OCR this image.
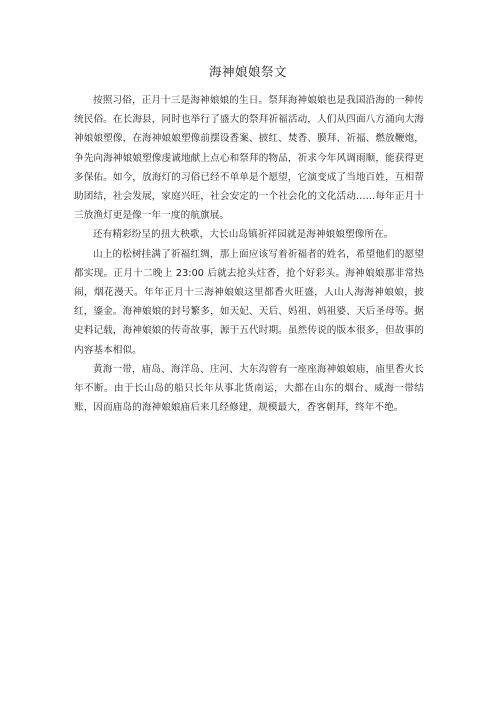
海神娘娘祭文

按照习俗，正月十三是海神娘娘的生日。祭拜海神娘娘也是我国沿海的一种传统民俗。在长海县，同时也举行了盛大的祭拜祈福活动，人们从四面八方涌向大海神娘娘塑像，在海神娘娘塑像前摆设香案、披红、焚香、膜拜、祈福、燃放鞭炮，争先向海神娘娘塑像虔诚地献上点心和祭拜的物品，祈求今年风调雨顺，能获得更多保佑。如今，放海灯的习俗已经不单单是个愿望，它演变成了当地百姓，互相帮助团结，社会发展，家庭兴旺，社会安定的一个社会化的文化活动……每年正月十三放渔灯更是像一年一度的航旗展。

还有精彩纷呈的扭大秧歌，大长山岛镇祈祥园就是海神娘娘塑像所在。

山上的松树挂满了祈福红绸，那上面应该写着祈福者的姓名，希望他们的愿望都实现。正月十二晚上 23:00 后就去抢头炷香，抢个好彩头。海神娘娘那非常热闹，烟花漫天。年年正月十三海神娘娘这里都香火旺盛，人山人海海神娘娘，披红，鎏金。海神娘娘的封号繁多，如天妃、天后、妈祖、妈祖婆、天后圣母等。据史料记载，海神娘娘的传奇故事，源于五代时期。虽然传说的版本很多，但故事的内容基本相似。

黄海一带，庙岛、海洋岛、庄河、大东沟曾有一座座海神娘娘庙，庙里香火长年不断。由于长山岛的船只长年从事北货南运，大都在山东的烟台、威海一带结账，因而庙岛的海神娘娘庙后来几经修建，规模最大，香客朝拜，终年不绝。
